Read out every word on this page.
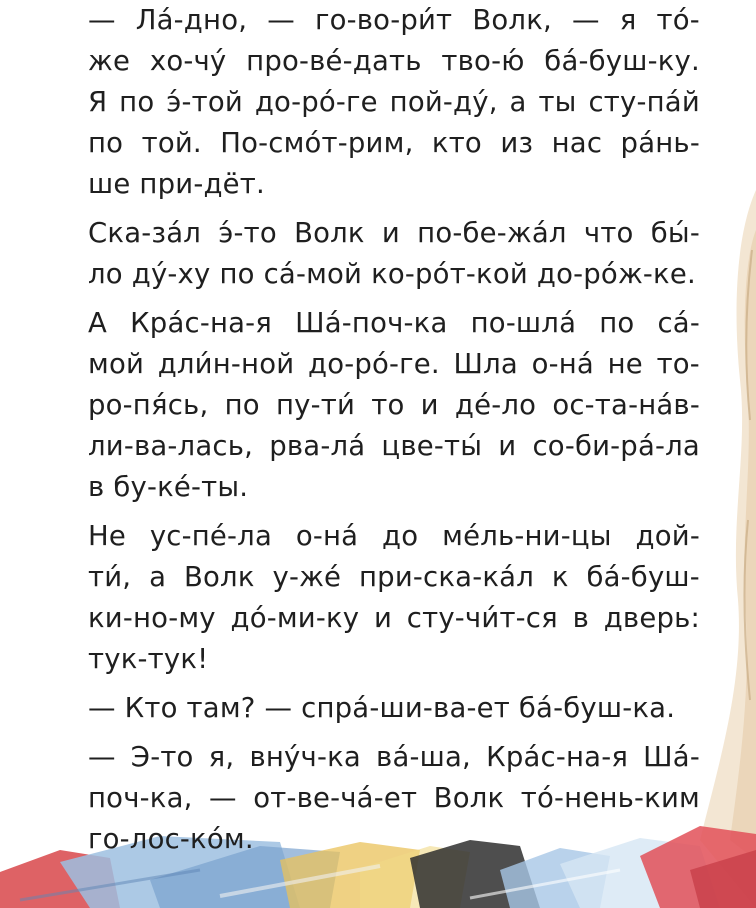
— Ла́-дно, — го-во-ри́т Волк, — я то́-
же хо-чу́ про-ве́-дать тво-ю́ ба́-буш-ку.
Я по э́-той до-ро́-ге пой-ду́, а ты сту-па́й
по той. По-смо́т-рим, кто из нас ра́нь-
ше при-дёт.

Ска-за́л э́-то Волк и по-бе-жа́л что бы́-
ло ду́-ху по са́-мой ко-ро́т-кой до-ро́ж-ке.

А Кра́с-на-я Ша́-поч-ка по-шла́ по са́-
мой дли́н-ной до-ро́-ге. Шла о-на́ не то-
ро-пя́сь, по пу-ти́ то и де́-ло ос-та-на́в-
ли-ва-лась, рва-ла́ цве-ты́ и со-би-ра́-ла
в бу-ке́-ты.

Не ус-пе́-ла о-на́ до ме́ль-ни-цы дой-
ти́, а Волк у-же́ при-ска-ка́л к ба́-буш-
ки-но-му до́-ми-ку и сту-чи́т-ся в дверь:
тук-тук!

— Кто там? — спра́-ши-ва-ет ба́-буш-ка.

— Э-то я, вну́ч-ка ва́-ша, Кра́с-на-я Ша́-
поч-ка, — от-ве-ча́-ет Волк то́-нень-ким
го-лос-ко́м.
